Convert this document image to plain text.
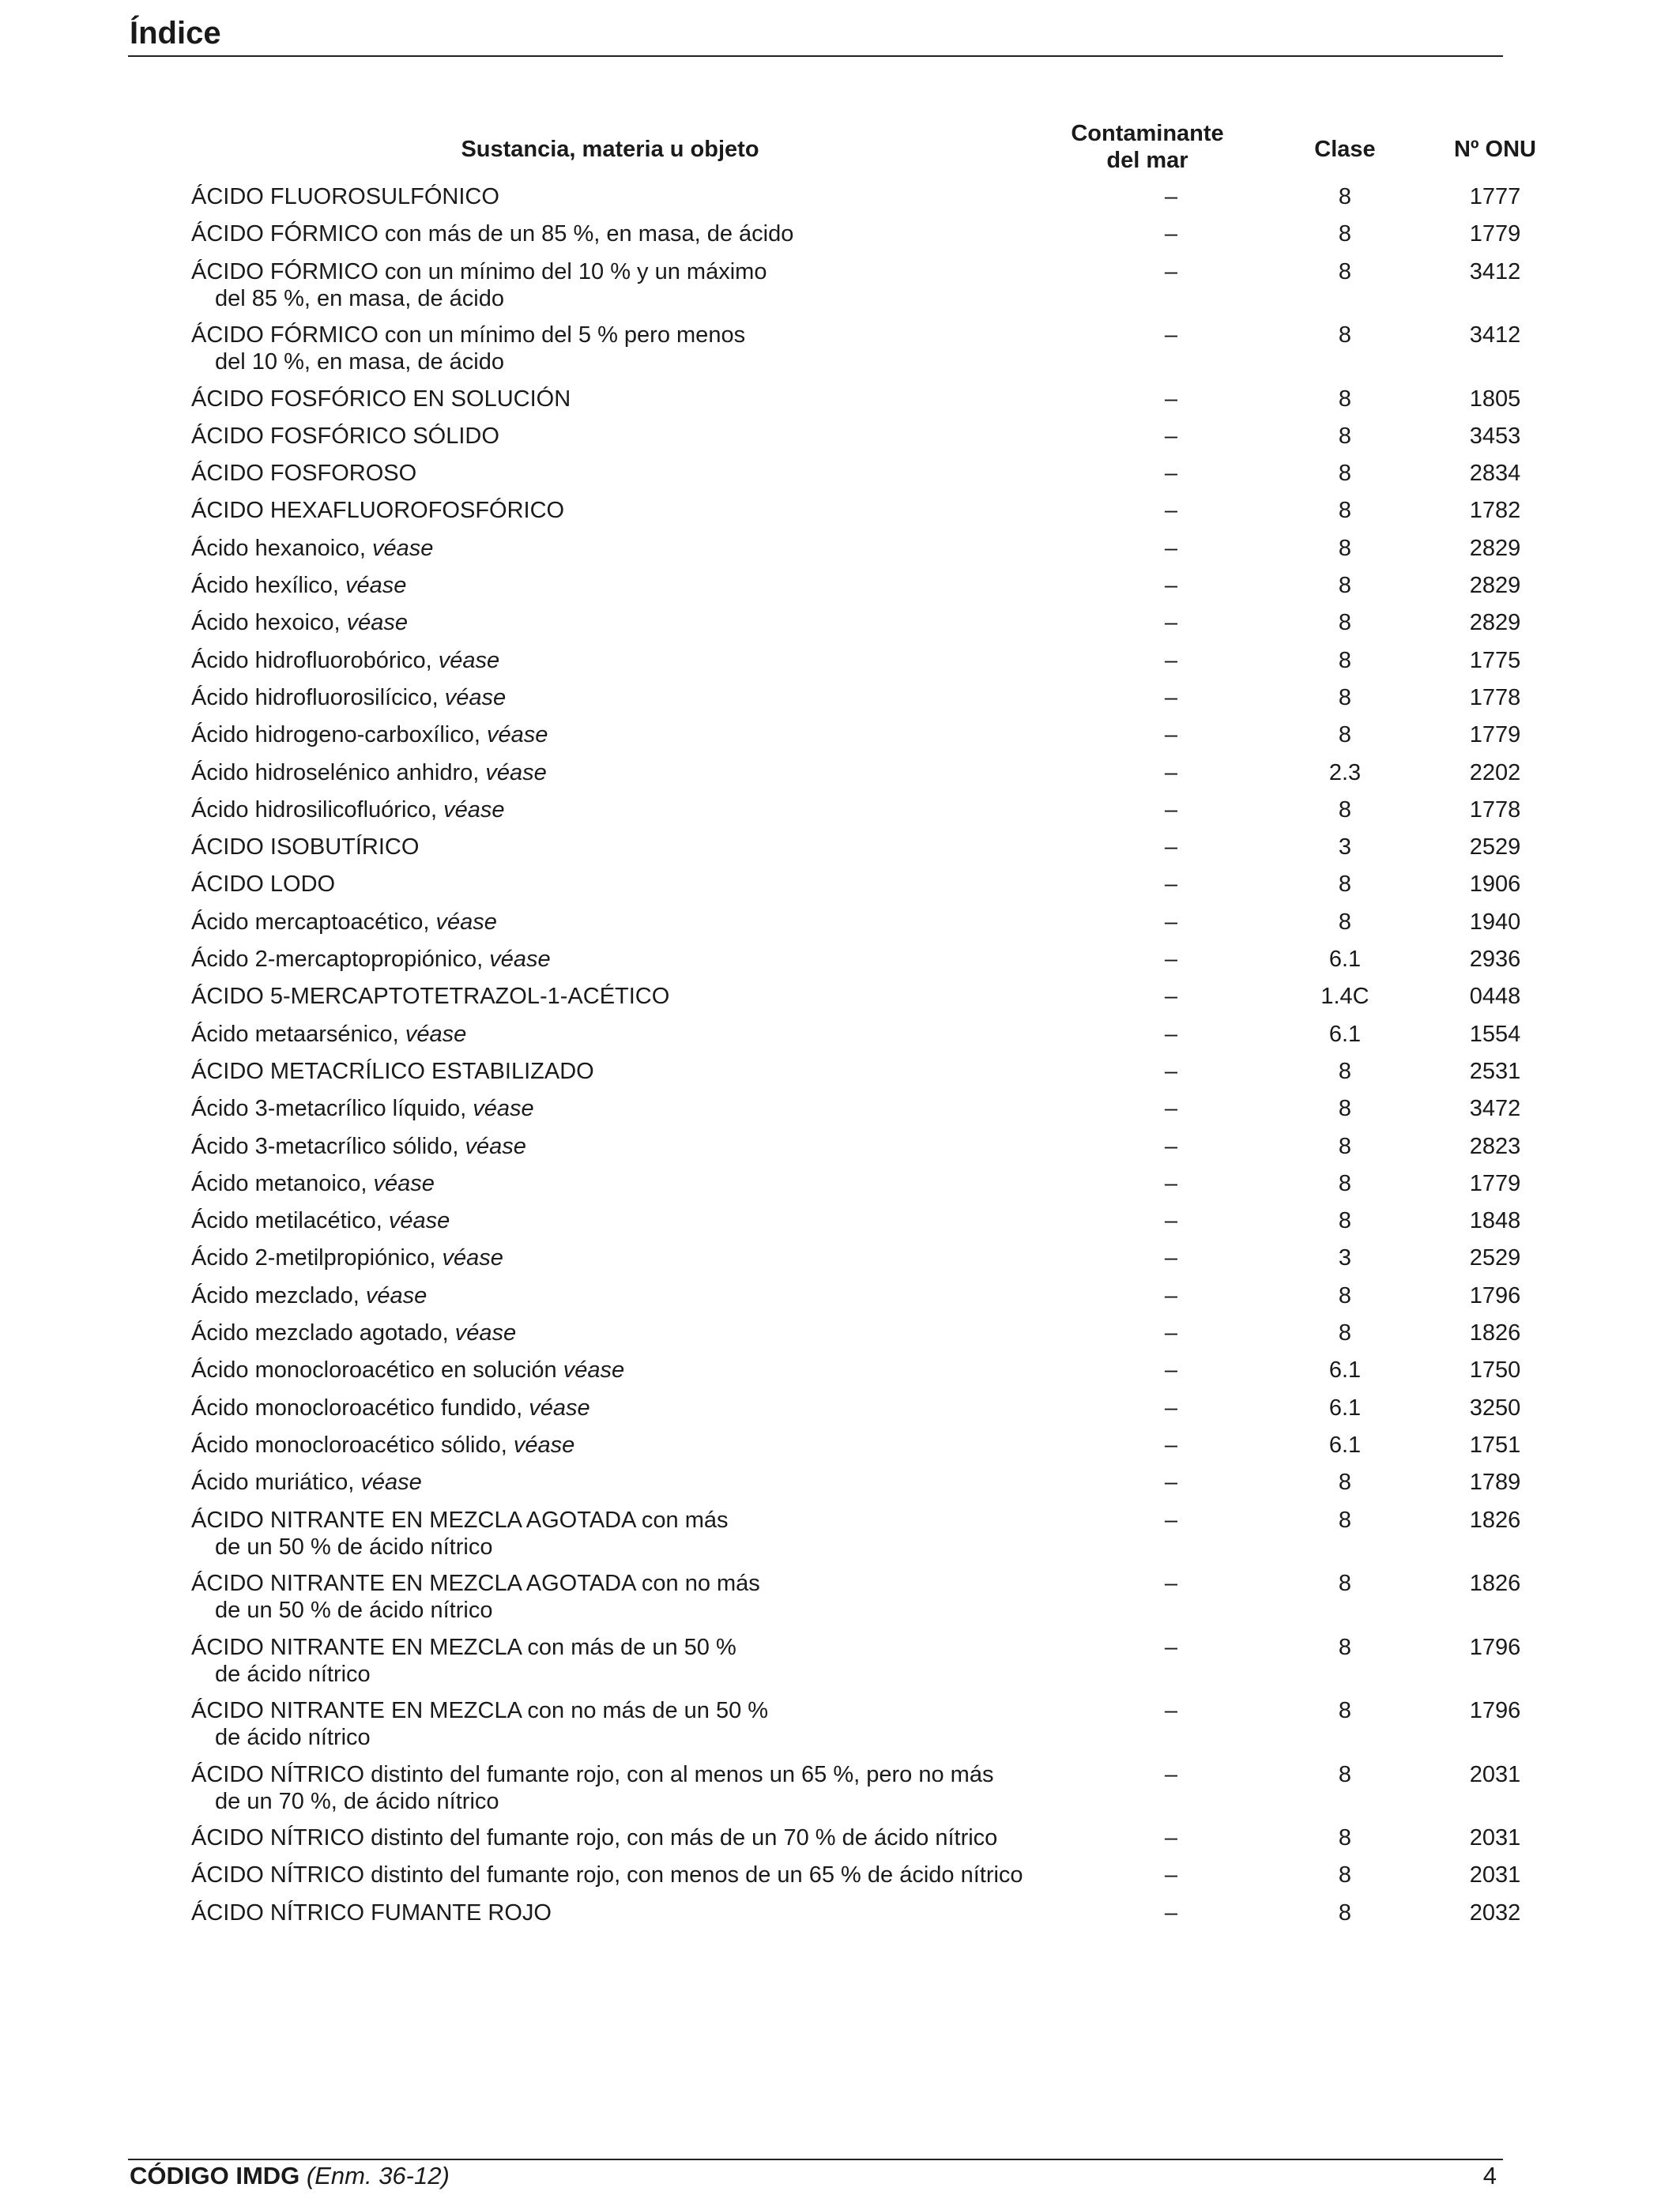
Índice
Sustancia, materia u objeto
Contaminante
del mar	Clase	Nº ONU
ÁCIDO FLUOROSULFÓNICO	–	8	1777
ÁCIDO FÓRMICO con más de un 85 %, en masa, de ácido	–	8	1779
ÁCIDO FÓRMICO con un mínimo del 10 % y un máximo
del 85 %, en masa, de ácido
–	8	3412
ÁCIDO FÓRMICO con un mínimo del 5 % pero menos
del 10 %, en masa, de ácido
–	8	3412
ÁCIDO FOSFÓRICO EN SOLUCIÓN	–	8	1805
ÁCIDO FOSFÓRICO SÓLIDO	–	8	3453
ÁCIDO FOSFOROSO	–	8	2834
ÁCIDO HEXAFLUOROFOSFÓRICO	–	8	1782
Ácido hexanoico, véase	–	8	2829
Ácido hexílico, véase	–	8	2829
Ácido hexoico, véase	–	8	2829
Ácido hidrofluorobórico, véase	–	8	1775
Ácido hidrofluorosilícico, véase	–	8	1778
Ácido hidrogeno-carboxílico, véase	–	8	1779
Ácido hidroselénico anhidro, véase	–	2.3	2202
Ácido hidrosilicofluórico, véase	–	8	1778
ÁCIDO ISOBUTÍRICO	–	3	2529
ÁCIDO LODO	–	8	1906
Ácido mercaptoacético, véase	–	8	1940
Ácido 2-mercaptopropiónico, véase	–	6.1	2936
ÁCIDO 5-MERCAPTOTETRAZOL-1-ACÉTICO	–	1.4C	0448
Ácido metaarsénico, véase	–	6.1	1554
ÁCIDO METACRÍLICO ESTABILIZADO	–	8	2531
Ácido 3-metacrílico líquido, véase	–	8	3472
Ácido 3-metacrílico sólido, véase	–	8	2823
Ácido metanoico, véase	–	8	1779
Ácido metilacético, véase	–	8	1848
Ácido 2-metilpropiónico, véase	–	3	2529
Ácido mezclado, véase	–	8	1796
Ácido mezclado agotado, véase	–	8	1826
Ácido monocloroacético en solución véase	–	6.1	1750
Ácido monocloroacético fundido, véase	–	6.1	3250
Ácido monocloroacético sólido, véase	–	6.1	1751
Ácido muriático, véase	–	8	1789
ÁCIDO NITRANTE EN MEZCLA AGOTADA con más
de un 50 % de ácido nítrico
–	8	1826
ÁCIDO NITRANTE EN MEZCLA AGOTADA con no más
de un 50 % de ácido nítrico
–	8	1826
ÁCIDO NITRANTE EN MEZCLA con más de un 50 %
de ácido nítrico
–	8	1796
ÁCIDO NITRANTE EN MEZCLA con no más de un 50 %
de ácido nítrico
–	8	1796
ÁCIDO NÍTRICO distinto del fumante rojo, con al menos un 65 %, pero no más
de un 70 %, de ácido nítrico
–	8	2031
ÁCIDO NÍTRICO distinto del fumante rojo, con más de un 70 % de ácido nítrico	–	8	2031
ÁCIDO NÍTRICO distinto del fumante rojo, con menos de un 65 % de ácido nítrico	–	8	2031
ÁCIDO NÍTRICO FUMANTE ROJO	–	8	2032
CÓDIGO IMDG (Enm. 36-12)	4
